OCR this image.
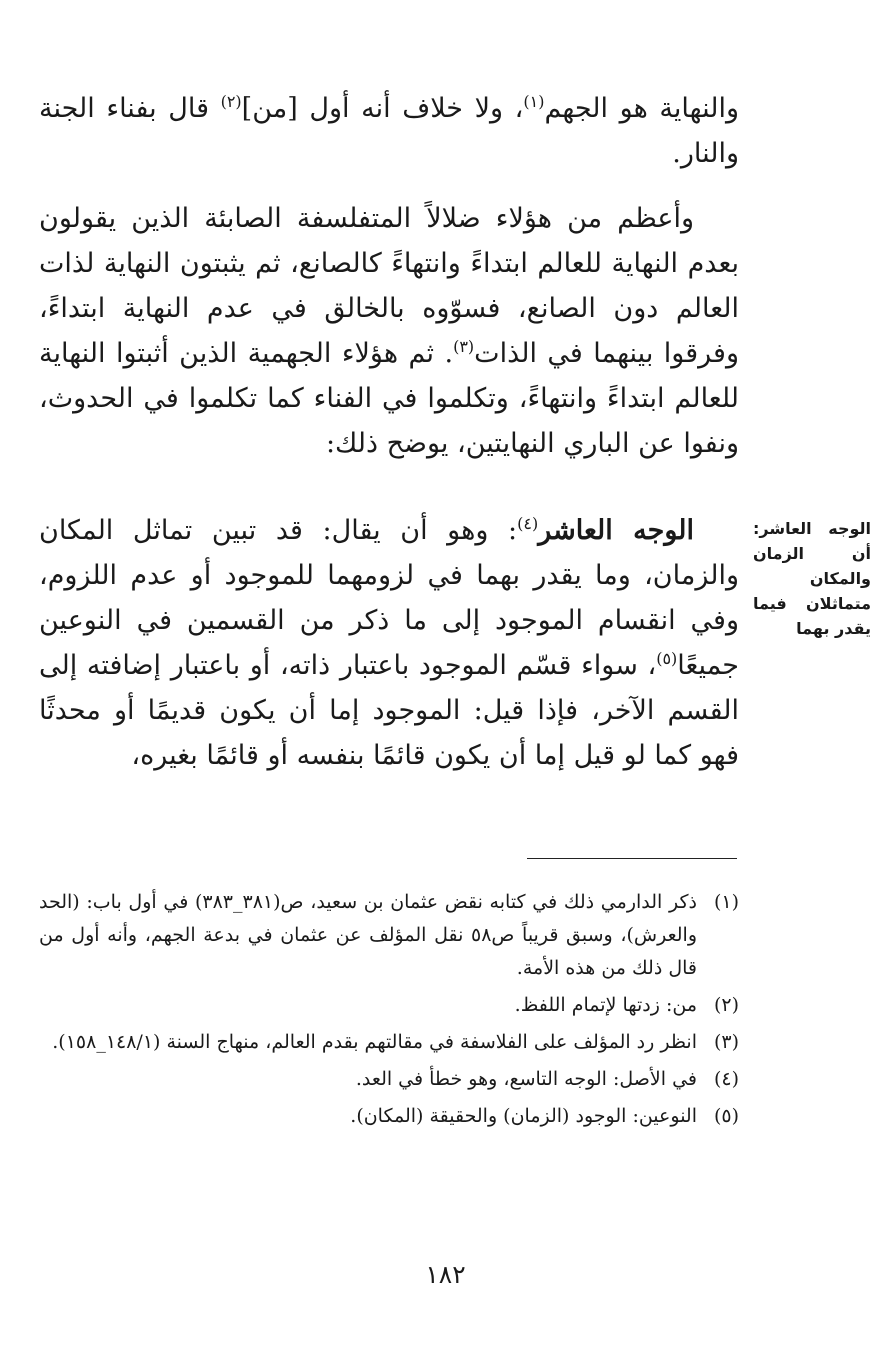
والنهاية هو الجهم$^{(١)}$، ولا خلاف أنه أول [من]$^{(٢)}$ قال بفناء الجنة والنار.

وأعظم من هؤلاء ضلالاً المتفلسفة الصابئة الذين يقولون بعدم النهاية للعالم ابتداءً وانتهاءً كالصانع، ثم يثبتون النهاية لذات العالم دون الصانع، فسوّوه بالخالق في عدم النهاية ابتداءً، وفرقوا بينهما في الذات$^{(٣)}$. ثم هؤلاء الجهمية الذين أثبتوا النهاية للعالم ابتداءً وانتهاءً، وتكلموا في الفناء كما تكلموا في الحدوث، ونفوا عن الباري النهايتين، يوضح ذلك:

الوجه العاشر$^{(٤)}$: وهو أن يقال: قد تبين تماثل المكان والزمان، وما يقدر بهما في لزومهما للموجود أو عدم اللزوم، وفي انقسام الموجود إلى ما ذكر من القسمين في النوعين جميعًا$^{(٥)}$، سواء قسّم الموجود باعتبار ذاته، أو باعتبار إضافته إلى القسم الآخر، فإذا قيل: الموجود إما أن يكون قديمًا أو محدثًا فهو كما لو قيل إما أن يكون قائمًا بنفسه أو قائمًا بغيره،

الوجه العاشر: أن الزمان والمكان متماثلان فيما يقدر بهما
(١)
ذكر الدارمي ذلك في كتابه نقض عثمان بن سعيد، ص(٣٨١_٣٨٣) في أول باب: (الحد والعرش)، وسبق قريباً ص٥٨ نقل المؤلف عن عثمان في بدعة الجهم، وأنه أول من قال ذلك من هذه الأمة.
(٢)
من: زدتها لإتمام اللفظ.
(٣)
انظر رد المؤلف على الفلاسفة في مقالتهم بقدم العالم، منهاج السنة (١٤٨/١_١٥٨).
(٤)
في الأصل: الوجه التاسع، وهو خطأ في العد.
(٥)
النوعين: الوجود (الزمان) والحقيقة (المكان).
١٨٢
